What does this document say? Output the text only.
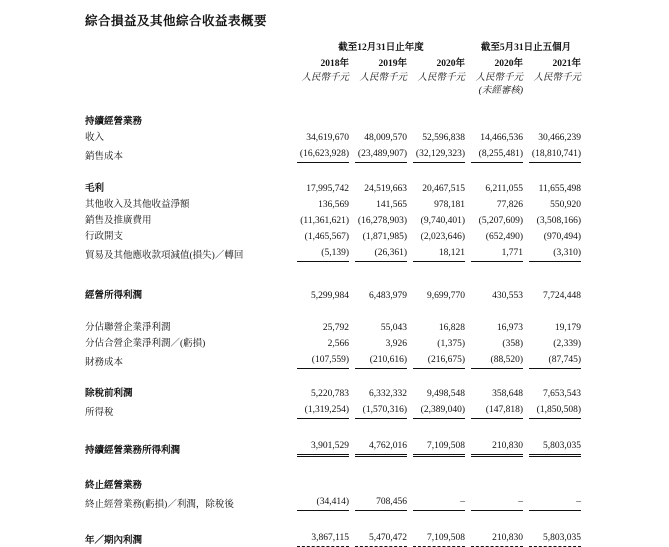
綜合損益及其他綜合收益表概要
	截至12月31日止年度			截至5月31日止五個月	
	2018年	2019年	2020年	2020年	2021年
	人民幣千元	人民幣千元	人民幣千元	人民幣千元	人民幣千元
				(未經審核)	

持續經營業務					
收入	34,619,670	48,009,570	52,596,838	14,466,536	30,466,239
銷售成本	(16,623,928)	(23,489,907)	(32,129,323)	(8,255,481)	(18,810,741)

毛利	17,995,742	24,519,663	20,467,515	6,211,055	11,655,498
其他收入及其他收益淨額	136,569	141,565	978,181	77,826	550,920
銷售及推廣費用	(11,361,621)	(16,278,903)	(9,740,401)	(5,207,609)	(3,508,166)
行政開支	(1,465,567)	(1,871,985)	(2,023,646)	(652,490)	(970,494)
貿易及其他應收款項減值(損失)／轉回	(5,139)	(26,361)	18,121	1,771	(3,310)

經營所得利潤	5,299,984	6,483,979	9,699,770	430,553	7,724,448

分佔聯營企業淨利潤	25,792	55,043	16,828	16,973	19,179
分佔合營企業淨利潤／(虧損)	2,566	3,926	(1,375)	(358)	(2,339)
財務成本	(107,559)	(210,616)	(216,675)	(88,520)	(87,745)

除稅前利潤	5,220,783	6,332,332	9,498,548	358,648	7,653,543
所得稅	(1,319,254)	(1,570,316)	(2,389,040)	(147,818)	(1,850,508)

持續經營業務所得利潤	3,901,529	4,762,016	7,109,508	210,830	5,803,035

終止經營業務					
終止經營業務(虧損)／利潤，除稅後	(34,414)	708,456	–	–	–

年／期內利潤	3,867,115	5,470,472	7,109,508	210,830	5,803,035
